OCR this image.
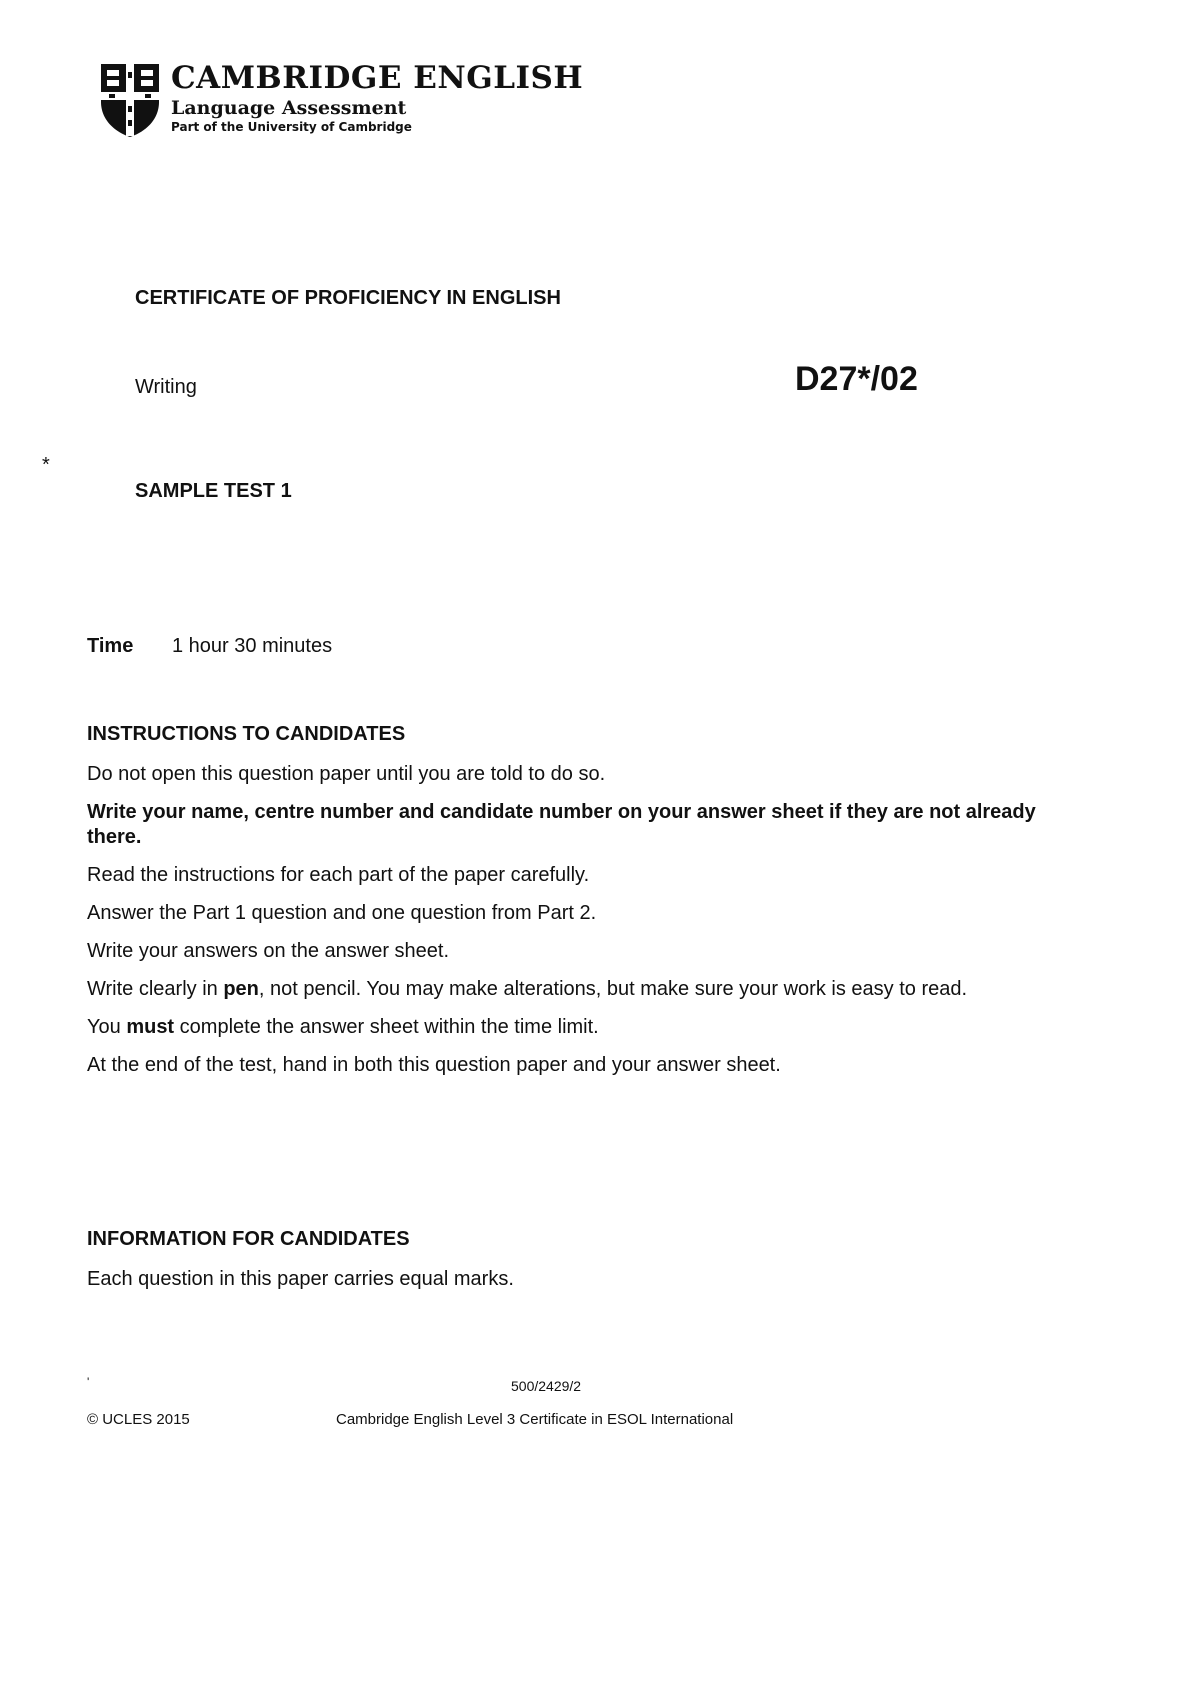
CAMBRIDGE ENGLISH
Language Assessment
Part of the University of Cambridge
CERTIFICATE OF PROFICIENCY IN ENGLISH
Writing	D27*/02
*
SAMPLE TEST 1
Time 1 hour 30 minutes
INSTRUCTIONS TO CANDIDATES
Do not open this question paper until you are told to do so.
Write your name, centre number and candidate number on your answer sheet if they are not already there.
Read the instructions for each part of the paper carefully.
Answer the Part 1 question and one question from Part 2.
Write your answers on the answer sheet.
Write clearly in pen, not pencil. You may make alterations, but make sure your work is easy to read.
You must complete the answer sheet within the time limit.
At the end of the test, hand in both this question paper and your answer sheet.
INFORMATION FOR CANDIDATES
Each question in this paper carries equal marks.
'	500/2429/2
© UCLES 2015	Cambridge English Level 3 Certificate in ESOL International
